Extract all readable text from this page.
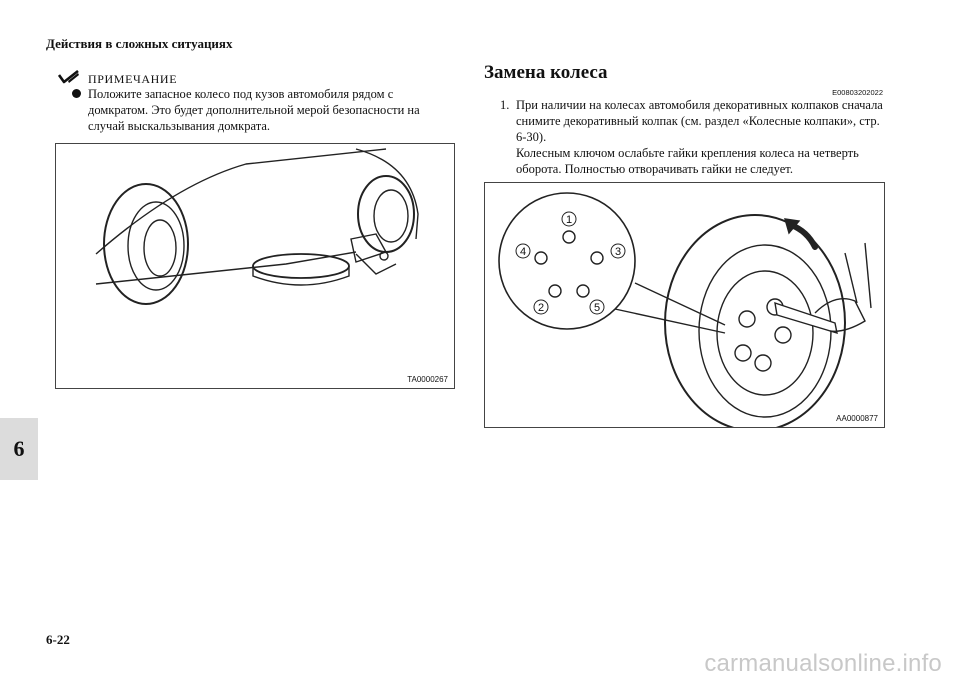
Действия в сложных ситуациях
6
ПРИМЕЧАНИЕ
Положите запасное колесо под кузов автомобиля рядом с домкратом. Это будет дополнительной мерой безопасности на случай выскальзывания домкрата.
TA0000267
Замена колеса
E00803202022
1. При наличии на колесах автомобиля декоративных колпаков сначала снимите декоративный колпак (см. раздел «Колесные колпаки», стр. 6-30).

Колесным ключом ослабьте гайки крепления колеса на четверть оборота. Полностью отворачивать гайки не следует.

1
2
3
4
5
AA0000877
6-22
carmanualsonline.info
